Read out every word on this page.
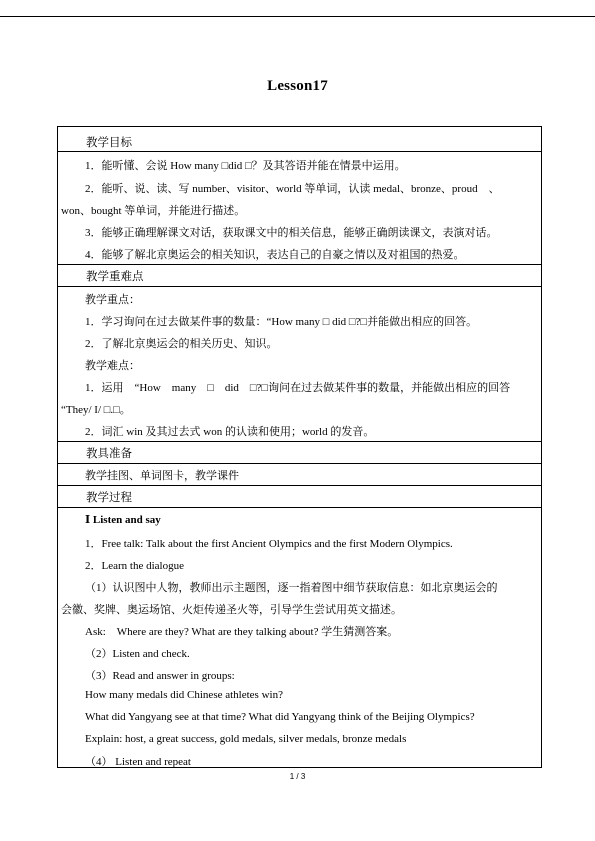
Lesson17
教学目标
1．能听懂、会说 How many □did □？及其答语并能在情景中运用。
2．能听、说、读、写 number、visitor、world 等单词，认读 medal、bronze、proud　、
won、bought 等单词，并能进行描述。
3．能够正确理解课文对话，获取课文中的相关信息，能够正确朗读课文，表演对话。
4．能够了解北京奥运会的相关知识，表达自己的自豪之情以及对祖国的热爱。
教学重难点
教学重点：
1．学习询问在过去做某件事的数量：“How many □ did □?□并能做出相应的回答。
2．了解北京奥运会的相关历史、知识。
教学难点：
1．运用　“How　many　□　did　□?□询问在过去做某件事的数量，并能做出相应的回答
“They/ I/ □.□。
2．词汇 win 及其过去式 won 的认读和使用；world 的发音。
教具准备
教学挂图、单词图卡，教学课件
教学过程
Ⅰ Listen and say
1．Free talk: Talk about the first Ancient Olympics and the first Modern Olympics.
2．Learn the dialogue
（1）认识图中人物，教师出示主题图，逐一指着图中细节获取信息：如北京奥运会的
会徽、奖牌、奥运场馆、火炬传递圣火等，引导学生尝试用英文描述。
Ask:　Where are they? What are they talking about? 学生猜测答案。
（2）Listen and check.
（3）Read and answer in groups:
How many medals did Chinese athletes win?
What did Yangyang see at that time? What did Yangyang think of the Beijing Olympics?
Explain: host, a great success, gold medals, silver medals, bronze medals
（4） Listen and repeat
1 / 3
